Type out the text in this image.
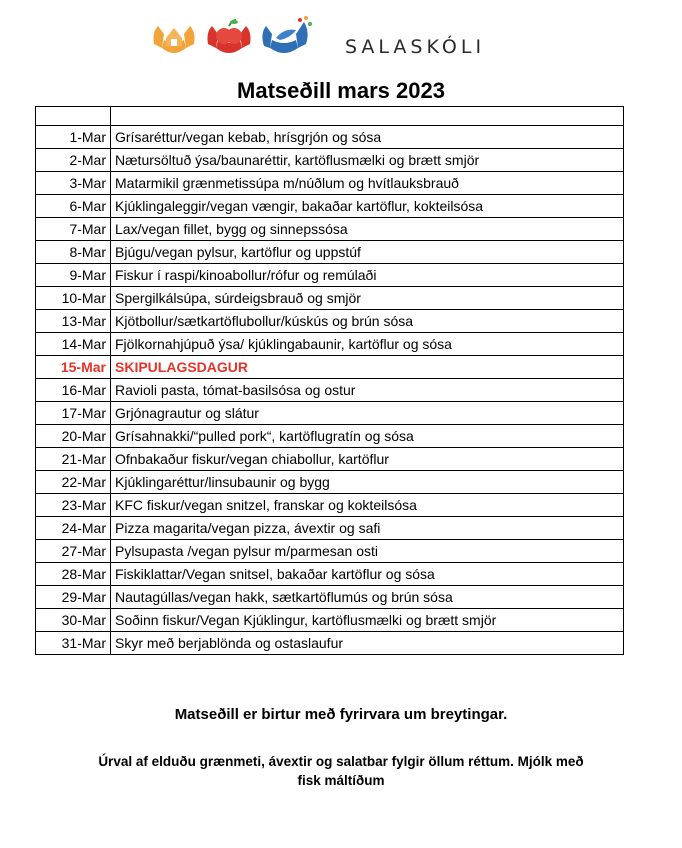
SALASKÓLI
Matseðill mars 2023

1-Mar	Grísaréttur/vegan kebab, hrísgrjón og sósa
2-Mar	Nætursöltuð ýsa/baunaréttir, kartöflusmælki og brætt smjör
3-Mar	Matarmikil grænmetissúpa m/núðlum og hvítlauksbrauð
6-Mar	Kjúklingaleggir/vegan vængir, bakaðar kartöflur, kokteilsósa
7-Mar	Lax/vegan fillet, bygg og sinnepssósa
8-Mar	Bjúgu/vegan pylsur, kartöflur og uppstúf
9-Mar	Fiskur í raspi/kinoabollur/rófur og remúlaði
10-Mar	Spergilkálsúpa, súrdeigsbrauð og smjör
13-Mar	Kjötbollur/sætkartöflubollur/kúskús og brún sósa
14-Mar	Fjölkornahjúpuð ýsa/ kjúklingabaunir, kartöflur og sósa
15-Mar	SKIPULAGSDAGUR
16-Mar	Ravioli pasta, tómat-basilsósa og ostur
17-Mar	Grjónagrautur og slátur
20-Mar	Grísahnakki/“pulled pork“, kartöflugratín og sósa
21-Mar	Ofnbakaður fiskur/vegan chiabollur, kartöflur
22-Mar	Kjúklingaréttur/linsubaunir og bygg
23-Mar	KFC fiskur/vegan snitzel, franskar og kokteilsósa
24-Mar	Pizza magarita/vegan pizza, ávextir og safi
27-Mar	Pylsupasta /vegan pylsur m/parmesan osti
28-Mar	Fiskiklattar/Vegan snitsel, bakaðar kartöflur og sósa
29-Mar	Nautagúllas/vegan hakk, sætkartöflumús og brún sósa
30-Mar	Soðinn fiskur/Vegan Kjúklingur, kartöflusmælki og brætt smjör
31-Mar	Skyr með berjablönda og ostaslaufur
Matseðill er birtur með fyrirvara um breytingar.
Úrval af elduðu grænmeti, ávextir og salatbar fylgir öllum réttum. Mjólk með fisk máltíðum
